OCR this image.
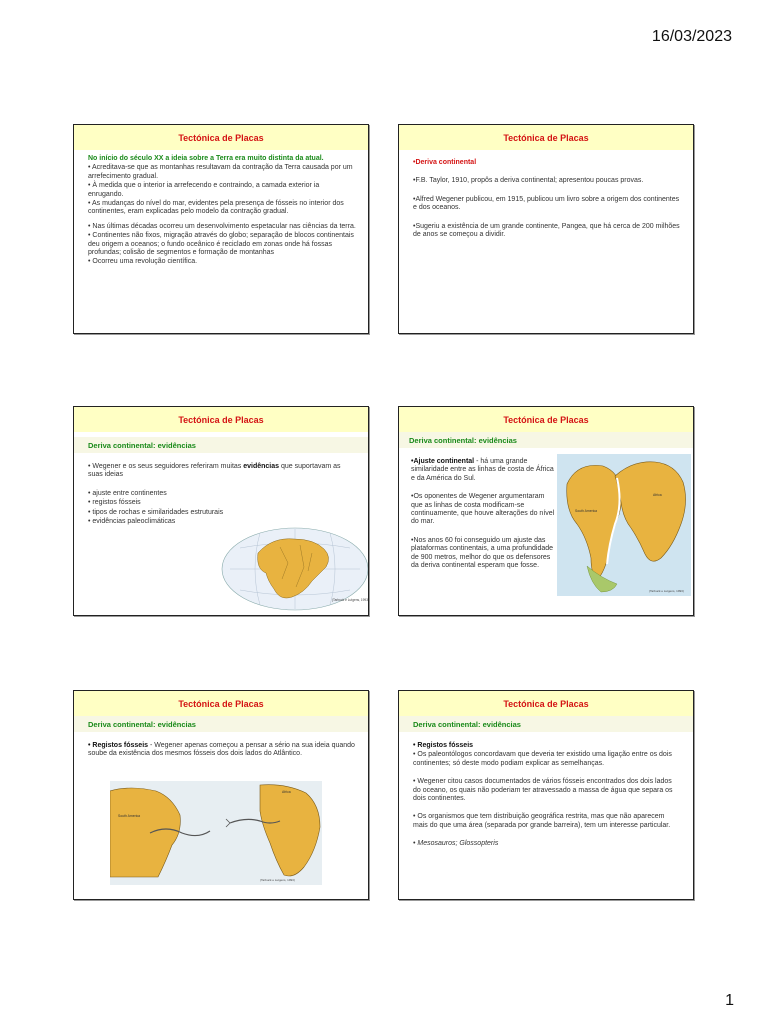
16/03/2023
Tectónica de Placas
No início do século XX a ideia sobre a Terra era muito distinta da atual.
• Acreditava-se que as montanhas resultavam da contração da Terra causada por um arrefecimento gradual.
• À medida que o interior ia arrefecendo e contraindo, a camada exterior ia enrugando.
• As mudanças do nível do mar, evidentes pela presença de fósseis no interior dos continentes, eram explicadas pelo modelo da contração gradual.
• Nas últimas décadas ocorreu um desenvolvimento espetacular nas ciências da terra.
• Continentes não fixos, migração através do globo; separação de blocos continentais deu origem a oceanos; o fundo oceânico é reciclado em zonas onde há fossas profundas; colisão de segmentos e formação de montanhas
• Ocorreu uma revolução científica.
Tectónica de Placas
•Deriva continental
•F.B. Taylor, 1910, propôs a deriva continental; apresentou poucas provas.
•Alfred Wegener publicou, em 1915, publicou um livro sobre a origem dos continentes e dos oceanos.
•Sugeriu a existência de um grande continente, Pangea, que há cerca de 200 milhões de anos se começou a dividir.
Tectónica de Placas
Deriva continental: evidências
• Wegener e os seus seguidores referiram muitas evidências que suportavam as suas ideias
• ajuste entre continentes
• registos fósseis
• tipos de rochas e similaridades estruturais
• evidências paleoclimáticas
(Tarbuck e Lutgens, 1993)
Tectónica de Placas
Deriva continental: evidências
•Ajuste continental - há uma grande similaridade entre as linhas de costa de África e da América do Sul.
•Os oponentes de Wegener argumentaram que as linhas de costa modificam-se continuamente, que houve alterações do nível do mar.
•Nos anos 60 foi conseguido um ajuste das plataformas continentais, a uma profundidade de 900 metros, melhor do que os defensores da deriva continental esperam que fosse.
South America
Africa
(Tarbuck e Lutgens, 1993)
Tectónica de Placas
Deriva continental: evidências
• Registos fósseis - Wegener apenas começou a pensar a sério na sua ideia quando soube da existência dos mesmos fósseis dos dois lados do Atlântico.
South America
Africa
(Tarbuck e Lutgens, 1993)
Tectónica de Placas
Deriva continental: evidências
• Registos fósseis
• Os paleontólogos concordavam que deveria ter existido uma ligação entre os dois continentes; só deste modo podiam explicar as semelhanças.
• Wegener citou casos documentados de vários fósseis encontrados dos dois lados do oceano, os quais não poderiam ter atravessado a massa de água que separa os dois continentes.
• Os organismos que tem distribuição geográfica restrita, mas que não aparecem mais do que uma área (separada por grande barreira), tem um interesse particular.
• Mesosauros; Glossopteris
1
